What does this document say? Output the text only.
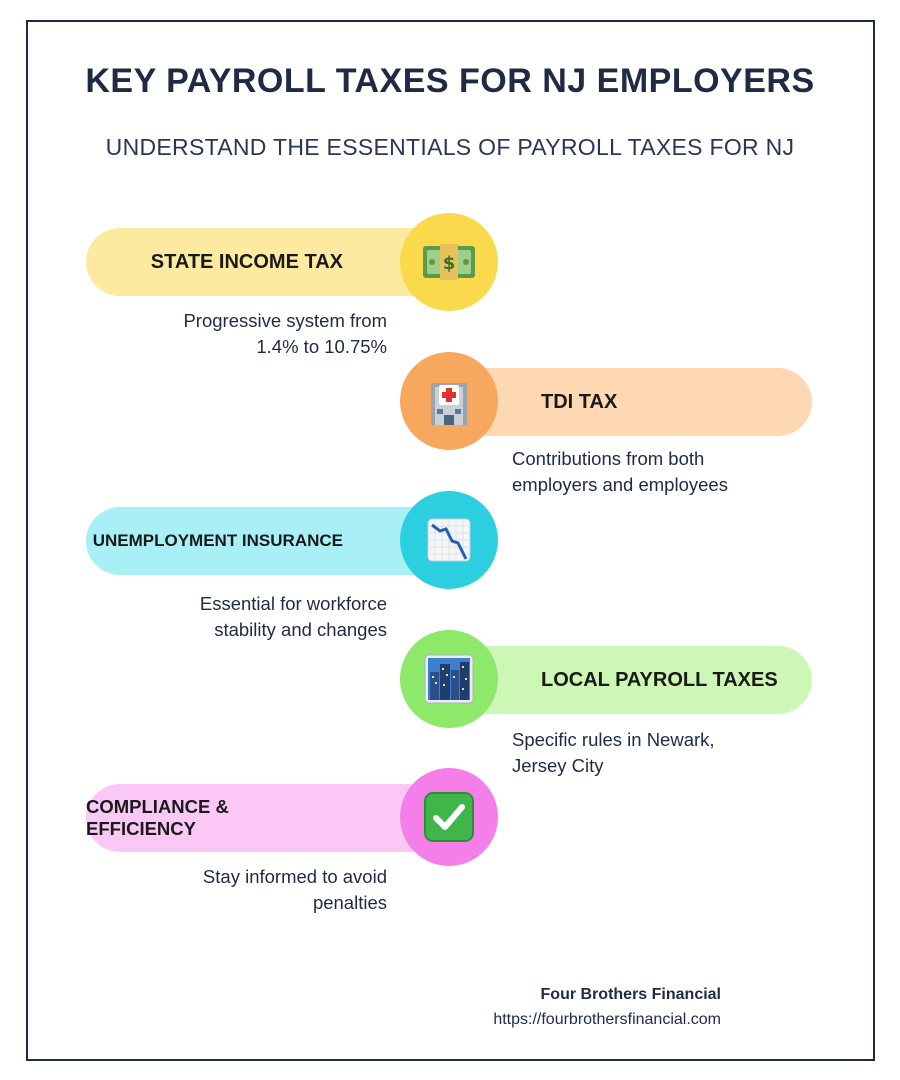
KEY PAYROLL TAXES FOR NJ EMPLOYERS
UNDERSTAND THE ESSENTIALS OF PAYROLL TAXES FOR NJ
STATE INCOME TAX	$
Progressive system from
1.4% to 10.75%
TDI TAX
Contributions from both
employers and employees
UNEMPLOYMENT INSURANCE
Essential for workforce
stability and changes
LOCAL PAYROLL TAXES
Specific rules in Newark,
Jersey City
COMPLIANCE & EFFICIENCY
Stay informed to avoid
penalties
Four Brothers Financial
https://fourbrothersfinancial.com
